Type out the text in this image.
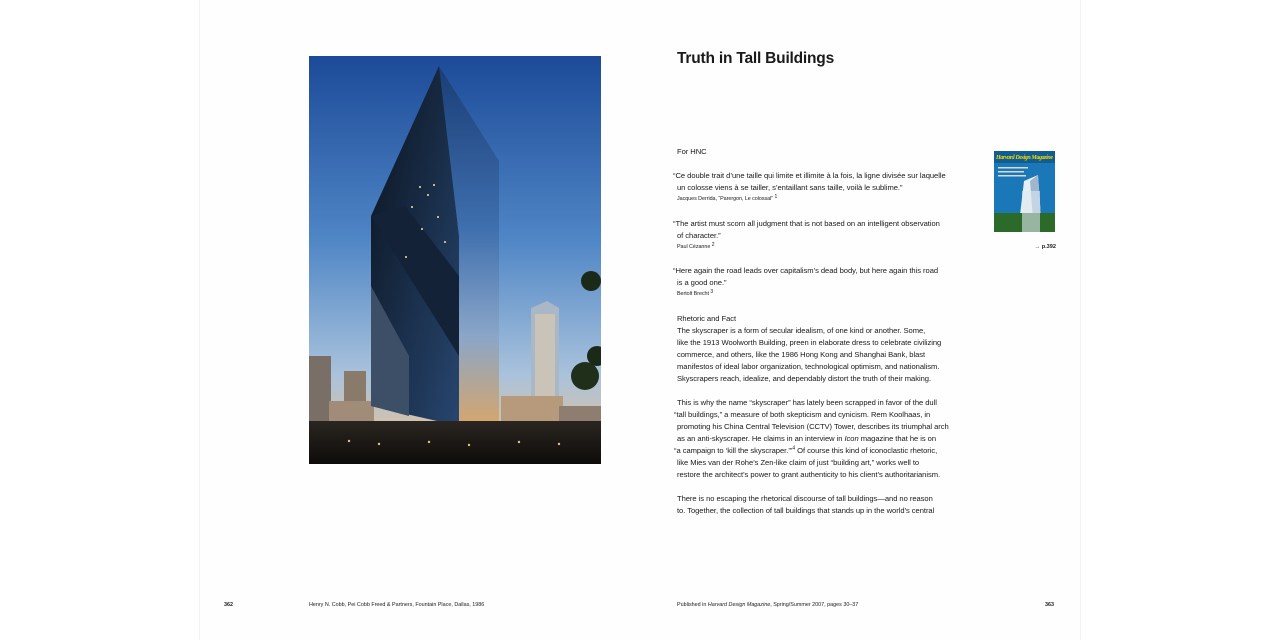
362	Henry N. Cobb, Pei Cobb Freed & Partners, Fountain Place, Dallas, 1986
Truth in Tall Buildings

For HNC

“Ce double trait d’une taille qui limite et illimite à la fois, la ligne divisée sur laquelle

un colosse viens à se tailler, s’entaillant sans taille, voilà le sublime.”

Jacques Derrida, “Parergon, Le colossal” $^1$

“The artist must scorn all judgment that is not based on an intelligent observation

of character.”

Paul Cézanne $^2$

“Here again the road leads over capitalism’s dead body, but here again this road

is a good one.”

Bertolt Brecht $^3$

Rhetoric and Fact

The skyscraper is a form of secular idealism, of one kind or another. Some,

like the 1913 Woolworth Building, preen in elaborate dress to celebrate civilizing

commerce, and others, like the 1986 Hong Kong and Shanghai Bank, blast

manifestos of ideal labor organization, technological optimism, and nationalism.

Skyscrapers reach, idealize, and dependably distort the truth of their making.

This is why the name “skyscraper” has lately been scrapped in favor of the dull

“tall buildings,” a measure of both skepticism and cynicism. Rem Koolhaas, in

promoting his China Central Television (CCTV) Tower, describes its triumphal arch

as an anti-skyscraper. He claims in an interview in Icon magazine that he is on

“a campaign to ‘kill the skyscraper.’”$^4$ Of course this kind of iconoclastic rhetoric,

like Mies van der Rohe’s Zen-like claim of just “building art,” works well to

restore the architect’s power to grant authenticity to his client’s authoritarianism.

There is no escaping the rhetorical discourse of tall buildings—and no reason

to. Together, the collection of tall buildings that stands up in the world’s central

Harvard Design Magazine
→ p.392
Published in Harvard Design Magazine, Spring/Summer 2007, pages 30–37	363
